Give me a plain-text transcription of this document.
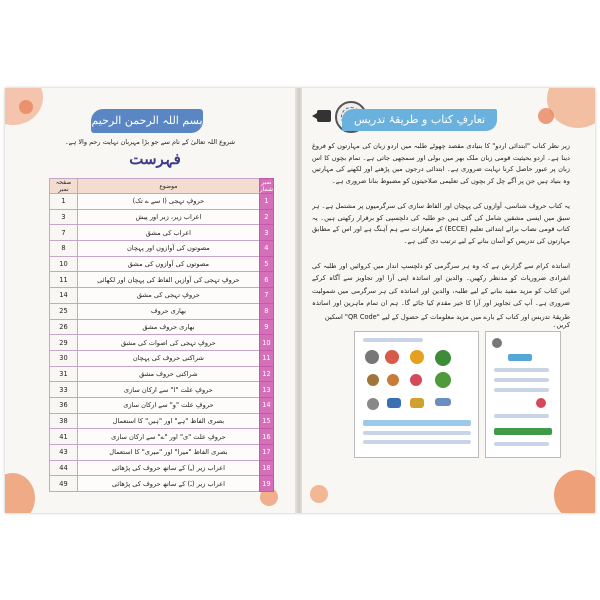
بسم اللہ الرحمن الرحیم
شروع اللہ تعالیٰ کے نام سے جو بڑا مہربان نہایت رحم والا ہے۔
فہرست
نمبر شمار	موضوع	صفحہ نمبر
1	حروفِ تہجی (ا سے ے تک)	1
2	اعراب زیر، زبر اور پیش	3
3	اعراب کی مشق	7
4	مصوتوں کی آوازوں اور پہچان	8
5	مصوتوں کی آوازوں کی مشق	10
6	حروفِ تہجی کی آوازیں الفاظ کی پہچان اور لکھائی	11
7	حروفِ تہجی کی مشق	14
8	بھاری حروف	25
9	بھاری حروف مشق	26
10	حروفِ تہجی کی اصوات کی مشق	29
11	شراکتی حروف کی پہچان	30
12	شراکتی حروف مشق	31
13	حروفِ علت "ا" سے ارکان سازی	33
14	حروفِ علت "و" سے ارکان سازی	36
15	بصری الفاظ "ہے" اور "ہیں" کا استعمال	38
16	حروفِ علت "ی" اور "ے" سے ارکان سازی	41
17	بصری الفاظ "میرا" اور "میری" کا استعمال	43
18	اعراب زیر (ـِ) کے ساتھ حروف کی پڑھائی	44
19	اعراب زبر (ـَ) کے ساتھ حروف کی پڑھائی	49
تعارفِ کتاب و طریقۂ تدریس
زیر نظر کتاب "ابتدائی اردو" کا بنیادی مقصد چھوٹے طلبہ میں اردو زبان کی مہارتوں کو فروغ دینا ہے۔ اردو بحیثیت قومی زبان ملک بھر میں بولی اور سمجھی جاتی ہے۔ تمام بچوں کا اس زبان پر عبور حاصل کرنا نہایت ضروری ہے۔ ابتدائی درجوں میں پڑھنے اور لکھنے کی مہارتیں وہ بنیاد ہیں جن پر آگے چل کر بچوں کی تعلیمی صلاحیتوں کو مضبوط بنانا ضروری ہے۔
یہ کتاب حروف شناسی، آوازوں کی پہچان اور الفاظ سازی کی سرگرمیوں پر مشتمل ہے۔ ہر سبق میں ایسی مشقیں شامل کی گئی ہیں جو طلبہ کی دلچسپی کو برقرار رکھتی ہیں۔ یہ کتاب قومی نصاب برائے ابتدائی تعلیم (ECCE) کے معیارات سے ہم آہنگ ہے اور اس کے مطابق مہارتوں کی تدریس کو آسان بنانے کے لیے ترتیب دی گئی ہے۔
اساتذہ کرام سے گزارش ہے کہ وہ ہر سرگرمی کو دلچسپ انداز میں کروائیں اور طلبہ کی انفرادی ضروریات کو مدنظر رکھیں۔ والدین اور اساتذہ اپنی آرا اور تجاویز سے آگاہ کرکے
اس کتاب کو مزید مفید بنانے کے لیے طلبہ، والدین اور اساتذہ کی ہر سرگرمی میں شمولیت ضروری ہے۔ آپ کی تجاویز اور آرا کا خیر مقدم کیا جائے گا۔ ہم ان تمام ماہرین اور اساتذہ
طریقۂ تدریس اور کتاب کے بارے میں مزید معلومات کے حصول کے لیے "QR Code" اسکین کریں۔
